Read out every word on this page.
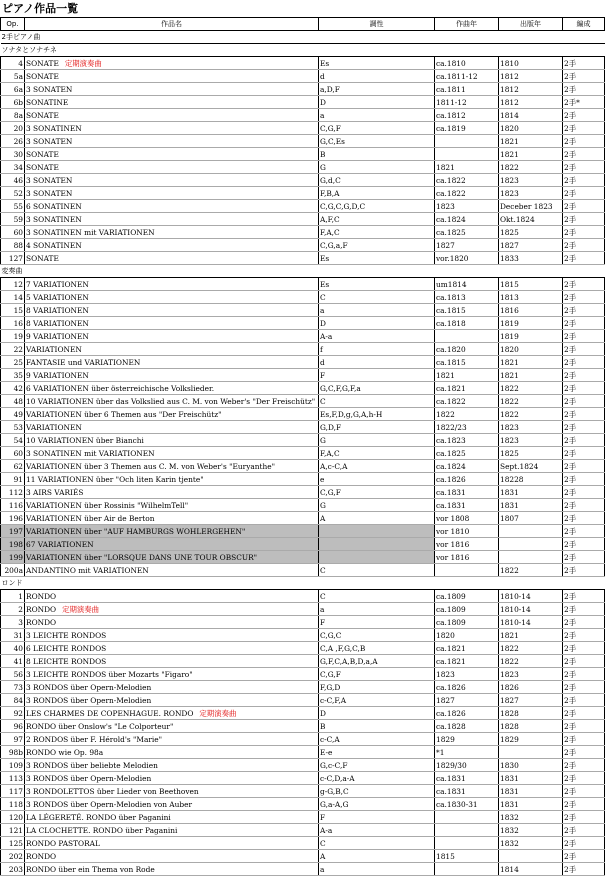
ピアノ作品一覧
Op.	作品名	調性	作曲年	出版年	編成
2手ピアノ曲					
ソナタとソナチネ					
4	SONATE 定期演奏曲	Es	ca.1810	1810	2手
5a	SONATE	d	ca.1811-12	1812	2手
6a	3 SONATEN	a,D,F	ca.1811	1812	2手
6b	SONATINE	D	1811-12	1812	2手*
8a	SONATE	a	ca.1812	1814	2手
20	3 SONATINEN	C,G,F	ca.1819	1820	2手
26	3 SONATEN	G,C,Es		1821	2手
30	SONATE	B		1821	2手
34	SONATE	G	1821	1822	2手
46	3 SONATEN	G,d,C	ca.1822	1823	2手
52	3 SONATEN	F,B,A	ca.1822	1823	2手
55	6 SONATINEN	C,G,C,G,D,C	1823	Deceber 1823	2手
59	3 SONATINEN	A,F,C	ca.1824	Okt.1824	2手
60	3 SONATINEN mit VARIATIONEN	F,A,C	ca.1825	1825	2手
88	4 SONATINEN	C,G,a,F	1827	1827	2手
127	SONATE	Es	vor.1820	1833	2手
変奏曲					
12	7 VARIATIONEN	Es	um1814	1815	2手
14	5 VARIATIONEN	C	ca.1813	1813	2手
15	8 VARIATIONEN	a	ca.1815	1816	2手
16	8 VARIATIONEN	D	ca.1818	1819	2手
19	9 VARIATIONEN	A-a		1819	2手
22	VARIATIONEN	f	ca.1820	1820	2手
25	FANTASIE und VARIATIONEN	d	ca.1815	1821	2手
35	9 VARIATIONEN	F	1821	1821	2手
42	6 VARIATIONEN über österreichische Volkslieder.	G,C,F,G,F,a	ca.1821	1822	2手
48	10 VARIATIONEN über das Volkslied aus C. M. von Weber's "Der Freischütz"	C	ca.1822	1822	2手
49	VARIATIONEN über 6 Themen aus "Der Freischütz"	Es,F,D,g,G,A,h-H	1822	1822	2手
53	VARIATIONEN	G,D,F	1822/23	1823	2手
54	10 VARIATIONEN über Bianchi	G	ca.1823	1823	2手
60	3 SONATINEN mit VARIATIONEN	F,A,C	ca.1825	1825	2手
62	VARIATIONEN über 3 Themen aus C. M. von Weber's "Euryanthe"	A,c-C,A	ca.1824	Sept.1824	2手
91	11 VARIATIONEN über "Och liten Karin tjente"	e	ca.1826	18228	2手
112	3 AIRS VARIÉS	C,G,F	ca.1831	1831	2手
116	VARIATIONEN über Rossinis "WilhelmTell"	G	ca.1831	1831	2手
196	VARIATIONEN über Air de Berton	A	vor 1808	1807	2手
197	VARIATIONEN über "AUF HAMBURGS WOHLERGEHEN"		vor 1810		2手
198	67 VARIATIONEN		vor 1816		2手
199	VARIATIONEN über "LORSQUE DANS UNE TOUR OBSCUR"		vor 1816		2手
200a	ANDANTINO mit VARIATIONEN	C		1822	2手
ロンド					
1	RONDO	C	ca.1809	1810-14	2手
2	RONDO 定期演奏曲	a	ca.1809	1810-14	2手
3	RONDO	F	ca.1809	1810-14	2手
31	3 LEICHTE RONDOS	C,G,C	1820	1821	2手
40	6 LEICHTE RONDOS	C,A ,F,G,C,B	ca.1821	1822	2手
41	8 LEICHTE RONDOS	G,F,C,A,B,D,a,A	ca.1821	1822	2手
56	3 LEICHTE RONDOS über Mozarts "Figaro"	C,G,F	1823	1823	2手
73	3 RONDOS über Opern-Melodien	F,G,D	ca.1826	1826	2手
84	3 RONDOS über Opern-Melodien	c-C,F,A	1827	1827	2手
92	LES CHARMES DE COPENHAGUE. RONDO 定期演奏曲	D	ca.1826	1828	2手
96	RONDO über Onslow's "Le Colporteur"	B	ca.1828	1828	2手
97	2 RONDOS über F. Hérold's "Marie"	c-C,A	1829	1829	2手
98b	RONDO wie Op. 98a	E-e	*1		2手
109	3 RONDOS über beliebte Melodien	G,c-C,F	1829/30	1830	2手
113	3 RONDOS über Opern-Melodien	c-C,D,a-A	ca.1831	1831	2手
117	3 RONDOLETTOS über Lieder von Beethoven	g-G,B,C	ca.1831	1831	2手
118	3 RONDOS über Opern-Melodien von Auber	G,a-A,G	ca.1830-31	1831	2手
120	LA LÉGERETÉ. RONDO über Paganini	F		1832	2手
121	LA CLOCHETTE. RONDO über Paganini	A-a		1832	2手
125	RONDO PASTORAL	C		1832	2手
202	RONDO	A	1815		2手
203	RONDO über ein Thema von Rode	a		1814	2手
